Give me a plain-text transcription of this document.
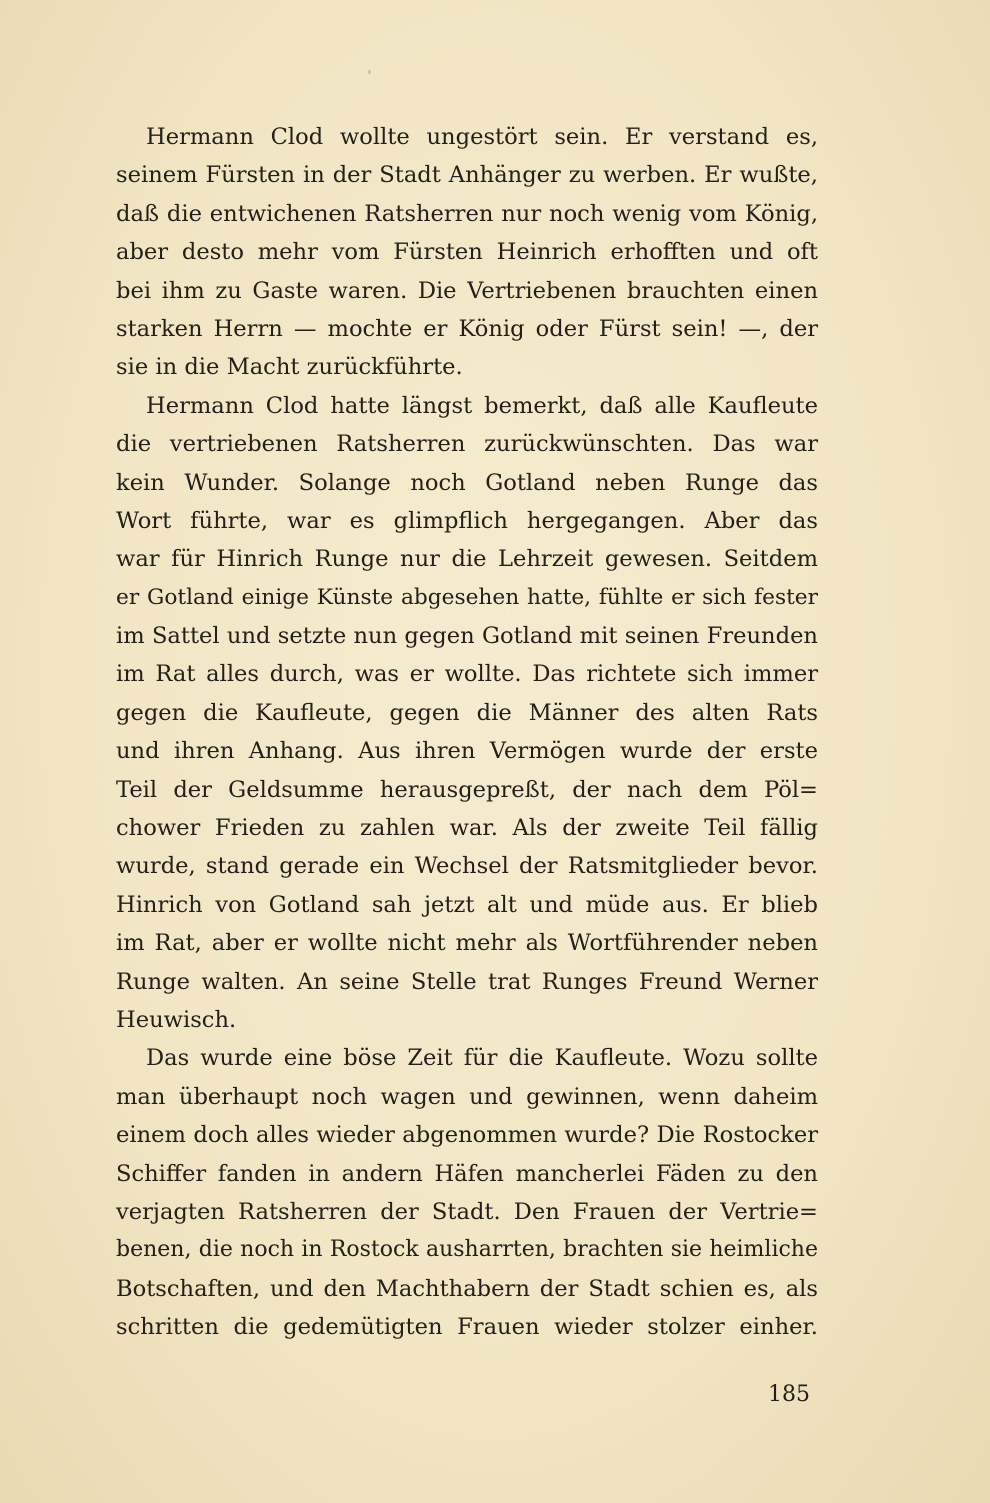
Hermann Clod wollte ungestört sein. Er verstand es,
seinem Fürsten in der Stadt Anhänger zu werben. Er wußte,
daß die entwichenen Ratsherren nur noch wenig vom König,
aber desto mehr vom Fürsten Heinrich erhofften und oft
bei ihm zu Gaste waren. Die Vertriebenen brauchten einen
starken Herrn — mochte er König oder Fürst sein! —, der
sie in die Macht zurückführte.
Hermann Clod hatte längst bemerkt, daß alle Kaufleute
die vertriebenen Ratsherren zurückwünschten. Das war
kein Wunder. Solange noch Gotland neben Runge das
Wort führte, war es glimpflich hergegangen. Aber das
war für Hinrich Runge nur die Lehrzeit gewesen. Seitdem
er Gotland einige Künste abgesehen hatte, fühlte er sich fester
im Sattel und setzte nun gegen Gotland mit seinen Freunden
im Rat alles durch, was er wollte. Das richtete sich immer
gegen die Kaufleute, gegen die Männer des alten Rats
und ihren Anhang. Aus ihren Vermögen wurde der erste
Teil der Geldsumme herausgepreßt, der nach dem Pöl=
chower Frieden zu zahlen war. Als der zweite Teil fällig
wurde, stand gerade ein Wechsel der Ratsmitglieder bevor.
Hinrich von Gotland sah jetzt alt und müde aus. Er blieb
im Rat, aber er wollte nicht mehr als Wortführender neben
Runge walten. An seine Stelle trat Runges Freund Werner
Heuwisch.
Das wurde eine böse Zeit für die Kaufleute. Wozu sollte
man überhaupt noch wagen und gewinnen, wenn daheim
einem doch alles wieder abgenommen wurde? Die Rostocker
Schiffer fanden in andern Häfen mancherlei Fäden zu den
verjagten Ratsherren der Stadt. Den Frauen der Vertrie=
benen, die noch in Rostock ausharrten, brachten sie heimliche
Botschaften, und den Machthabern der Stadt schien es, als
schritten die gedemütigten Frauen wieder stolzer einher.
185
